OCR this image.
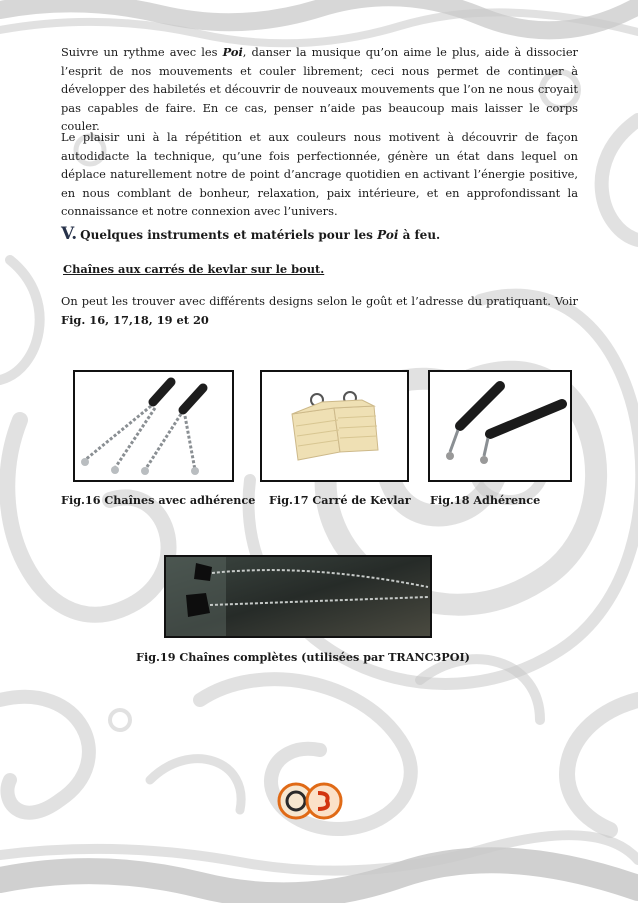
Suivre un rythme avec les Poi, danser la musique qu’on aime le plus, aide à dissocier l’esprit de nos mouvements et couler librement; ceci nous permet de continuer à développer des habiletés et découvrir de nouveaux mouvements que l’on ne nous croyait pas capables de faire. En ce cas, penser n’aide pas beaucoup mais laisser le corps couler.

Le plaisir uni à la répétition et aux couleurs nous motivent à découvrir de façon autodidacte la technique, qu’une fois perfectionnée, génère un état dans lequel on déplace naturellement notre de point d’ancrage quotidien en activant l’énergie positive, en nous comblant de bonheur, relaxation, paix intérieure, et en approfondissant la connaissance et notre connexion avec l’univers.

V. Quelques instruments et matériels pour les Poi à feu.

Chaînes aux carrés de kevlar sur le bout.

On peut les trouver avec différents designs selon le goût et l’adresse du pratiquant. Voir Fig. 16, 17,18, 19 et 20

Fig.16 Chaînes avec adhérence Fig.17 Carré de Kevlar Fig.18 Adhérence

Fig.19 Chaînes complètes (utilisées par TRANC3POI)
